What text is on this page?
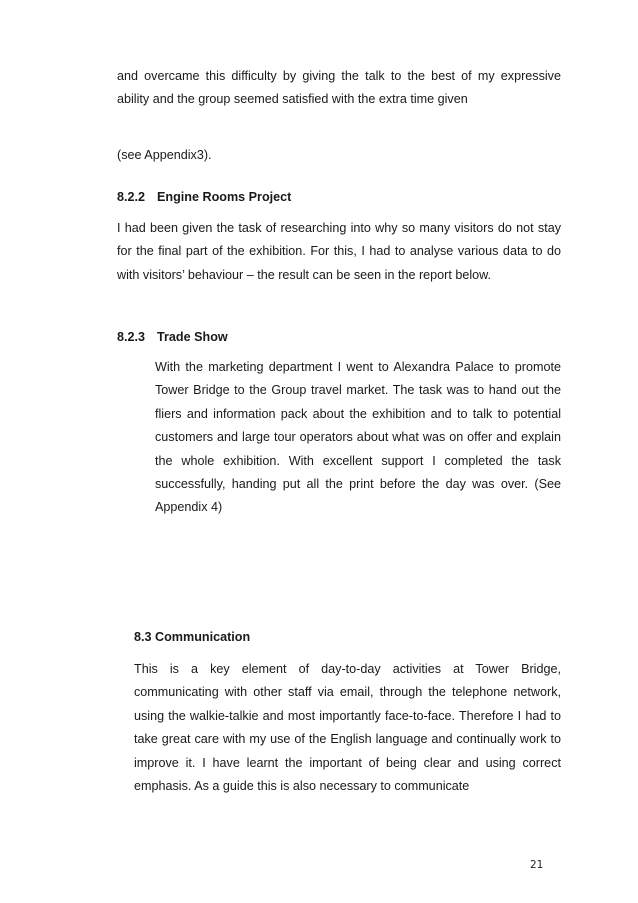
and overcame this difficulty by giving the talk to the best of my expressive ability and the group seemed satisfied with the extra time given

(see Appendix3).

8.2.2 Engine Rooms Project

I had been given the task of researching into why so many visitors do not stay for the final part of the exhibition. For this, I had to analyse various data to do with visitors’ behaviour – the result can be seen in the report below.

8.2.3 Trade Show

With the marketing department I went to Alexandra Palace to promote Tower Bridge to the Group travel market. The task was to hand out the fliers and information pack about the exhibition and to talk to potential customers and large tour operators about what was on offer and explain the whole exhibition. With excellent support I completed the task successfully, handing put all the print before the day was over. (See Appendix 4)

8.3 Communication

This is a key element of day-to-day activities at Tower Bridge, communicating with other staff via email, through the telephone network, using the walkie-talkie and most importantly face-to-face. Therefore I had to take great care with my use of the English language and continually work to improve it. I have learnt the important of being clear and using correct emphasis. As a guide this is also necessary to communicate

21
